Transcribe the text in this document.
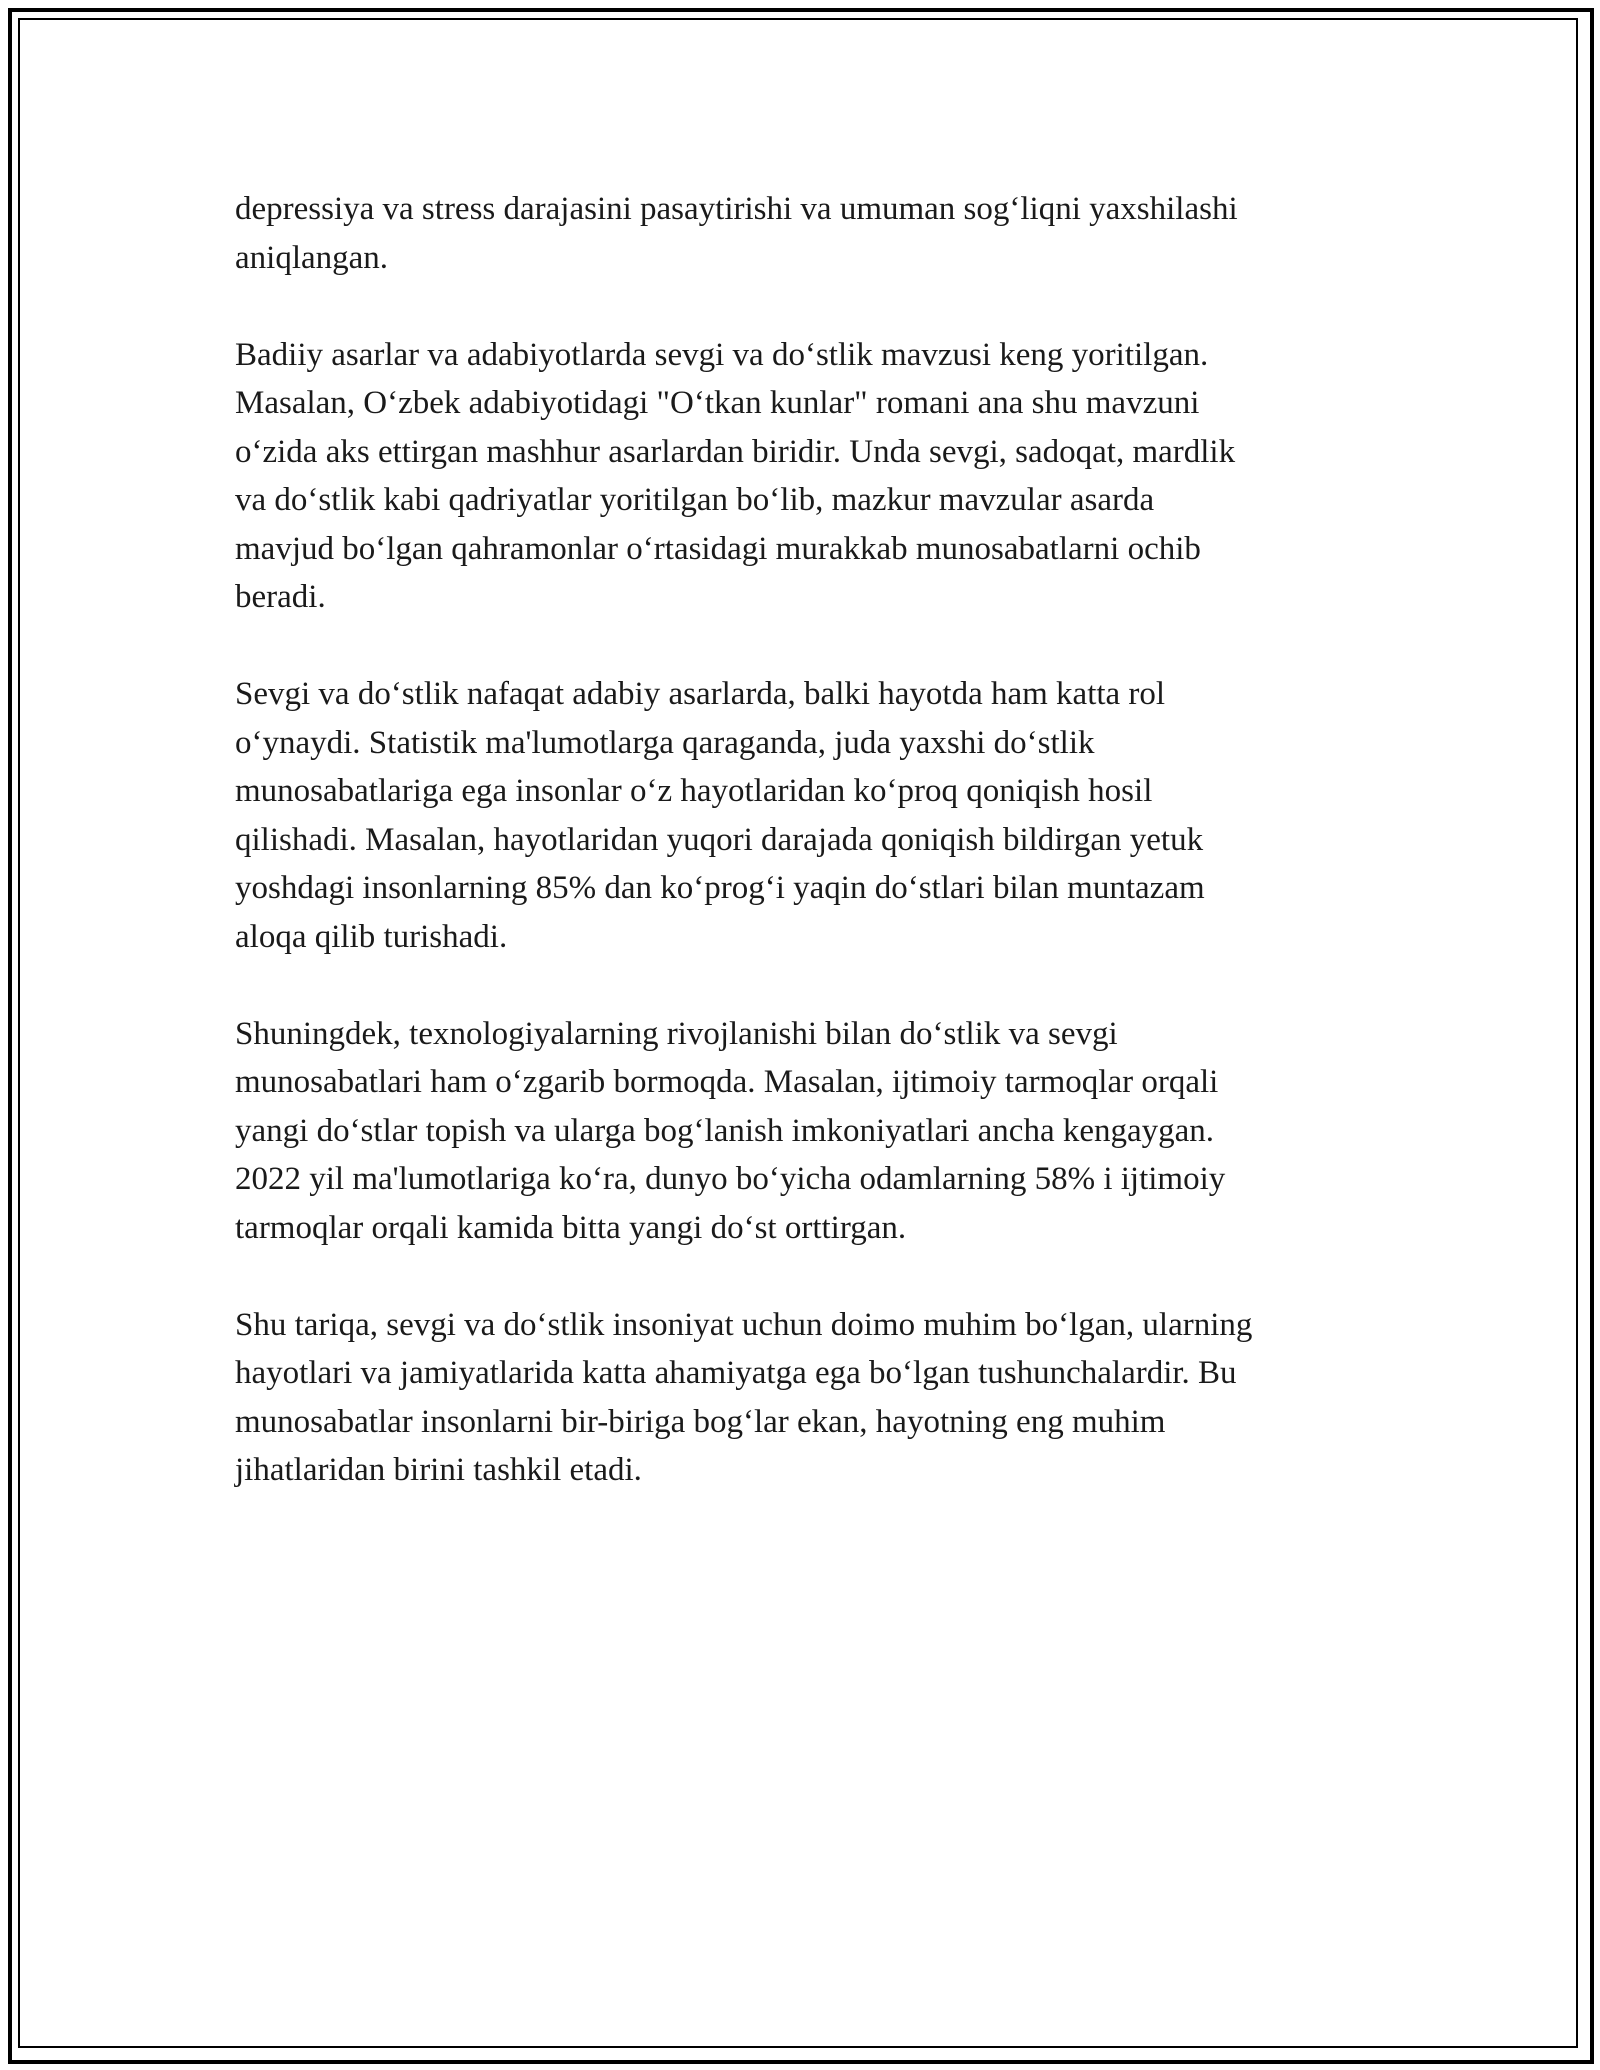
depressiya va stress darajasini pasaytirishi va umuman sog‘liqni yaxshilashi
aniqlangan.

Badiiy asarlar va adabiyotlarda sevgi va do‘stlik mavzusi keng yoritilgan.
Masalan, O‘zbek adabiyotidagi "O‘tkan kunlar" romani ana shu mavzuni
o‘zida aks ettirgan mashhur asarlardan biridir. Unda sevgi, sadoqat, mardlik
va do‘stlik kabi qadriyatlar yoritilgan bo‘lib, mazkur mavzular asarda
mavjud bo‘lgan qahramonlar o‘rtasidagi murakkab munosabatlarni ochib
beradi.

Sevgi va do‘stlik nafaqat adabiy asarlarda, balki hayotda ham katta rol
o‘ynaydi. Statistik ma'lumotlarga qaraganda, juda yaxshi do‘stlik
munosabatlariga ega insonlar o‘z hayotlaridan ko‘proq qoniqish hosil
qilishadi. Masalan, hayotlaridan yuqori darajada qoniqish bildirgan yetuk
yoshdagi insonlarning 85% dan ko‘prog‘i yaqin do‘stlari bilan muntazam
aloqa qilib turishadi.

Shuningdek, texnologiyalarning rivojlanishi bilan do‘stlik va sevgi
munosabatlari ham o‘zgarib bormoqda. Masalan, ijtimoiy tarmoqlar orqali
yangi do‘stlar topish va ularga bog‘lanish imkoniyatlari ancha kengaygan.
2022 yil ma'lumotlariga ko‘ra, dunyo bo‘yicha odamlarning 58% i ijtimoiy
tarmoqlar orqali kamida bitta yangi do‘st orttirgan.

Shu tariqa, sevgi va do‘stlik insoniyat uchun doimo muhim bo‘lgan, ularning
hayotlari va jamiyatlarida katta ahamiyatga ega bo‘lgan tushunchalardir. Bu
munosabatlar insonlarni bir-biriga bog‘lar ekan, hayotning eng muhim
jihatlaridan birini tashkil etadi.
